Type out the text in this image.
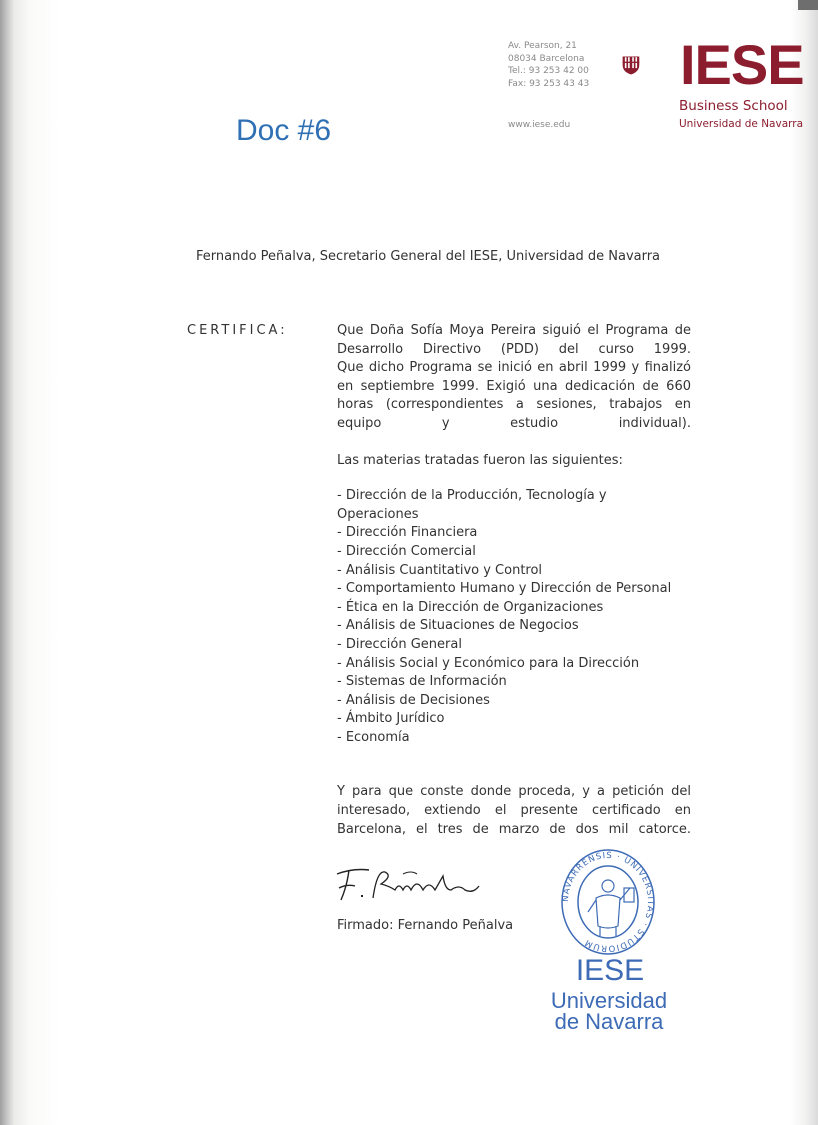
Av. Pearson, 21
08034 Barcelona
Tel.: 93 253 42 00
Fax: 93 253 43 43
www.iese.edu
IESE
Business School
Universidad de Navarra
Doc #6
Fernando Peñalva, Secretario General del IESE, Universidad de Navarra
CERTIFICA:	Que Doña Sofía Moya Pereira siguió el Programa de Desarrollo Directivo (PDD) del curso 1999.

Que dicho Programa se inició en abril 1999 y finalizó en septiembre 1999. Exigió una dedicación de 660 horas (correspondientes a sesiones, trabajos en equipo y estudio individual).

Las materias tratadas fueron las siguientes:

- Dirección de la Producción, Tecnología y Operaciones
- Dirección Financiera
- Dirección Comercial
- Análisis Cuantitativo y Control
- Comportamiento Humano y Dirección de Personal
- Ética en la Dirección de Organizaciones
- Análisis de Situaciones de Negocios
- Dirección General
- Análisis Social y Económico para la Dirección
- Sistemas de Información
- Análisis de Decisiones
- Ámbito Jurídico
- Economía

Y para que conste donde proceda, y a petición del interesado, extiendo el presente certificado en Barcelona, el tres de marzo de dos mil catorce.

Firmado: Fernando Peñalva
NAVARRENSIS · UNIVERSITAS · STUDIORUM
IESE
Universidad
de Navarra
